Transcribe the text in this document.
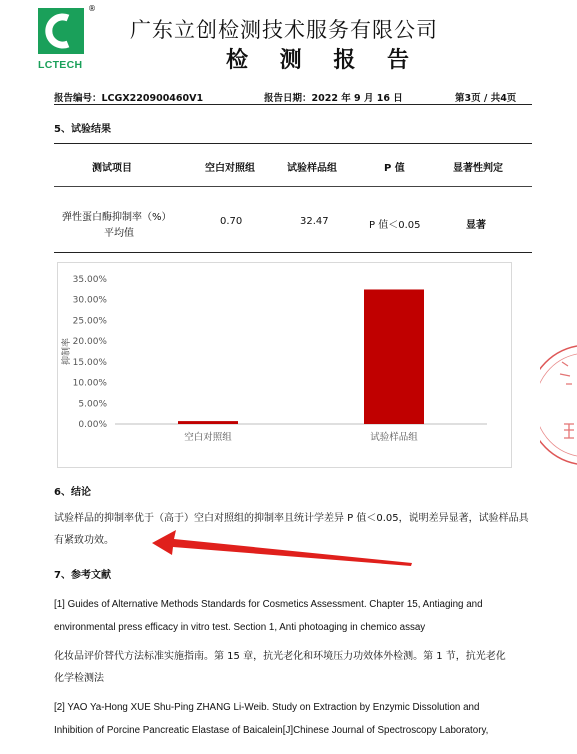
®
LCTECH
广东立创检测技术服务有限公司
检 测 报 告
报告编号：LCGX220900460V1	报告日期：2022 年 9 月 16 日	第3页 / 共4页
5、试验结果
测试项目	空白对照组	试验样品组	P 值	显著性判定
弹性蛋白酶抑制率（%）
平均值
0.70	32.47	P 值＜0.05	显著
0.00%
5.00%
10.00%
15.00%
20.00%
25.00%
30.00%
35.00%
抑制率
空白对照组	试验样品组
6、结论
试验样品的抑制率优于（高于）空白对照组的抑制率且统计学差异 P 值＜0.05，说明差异显著，试验样品具有紧致功效。
7、参考文献
[1] Guides of Alternative Methods Standards for Cosmetics Assessment. Chapter 15, Antiaging and
environmental press efficacy in vitro test. Section 1, Anti photoaging in chemico assay
化妆品评价替代方法标准实施指南。第 15 章，抗光老化和环境压力功效体外检测。第 1 节，抗光老化
化学检测法
[2] YAO Ya-Hong XUE Shu-Ping ZHANG Li-Weib. Study on Extraction by Enzymic Dissolution and
Inhibition of Porcine Pancreatic Elastase of Baicalein[J]Chinese Journal of Spectroscopy Laboratory,
